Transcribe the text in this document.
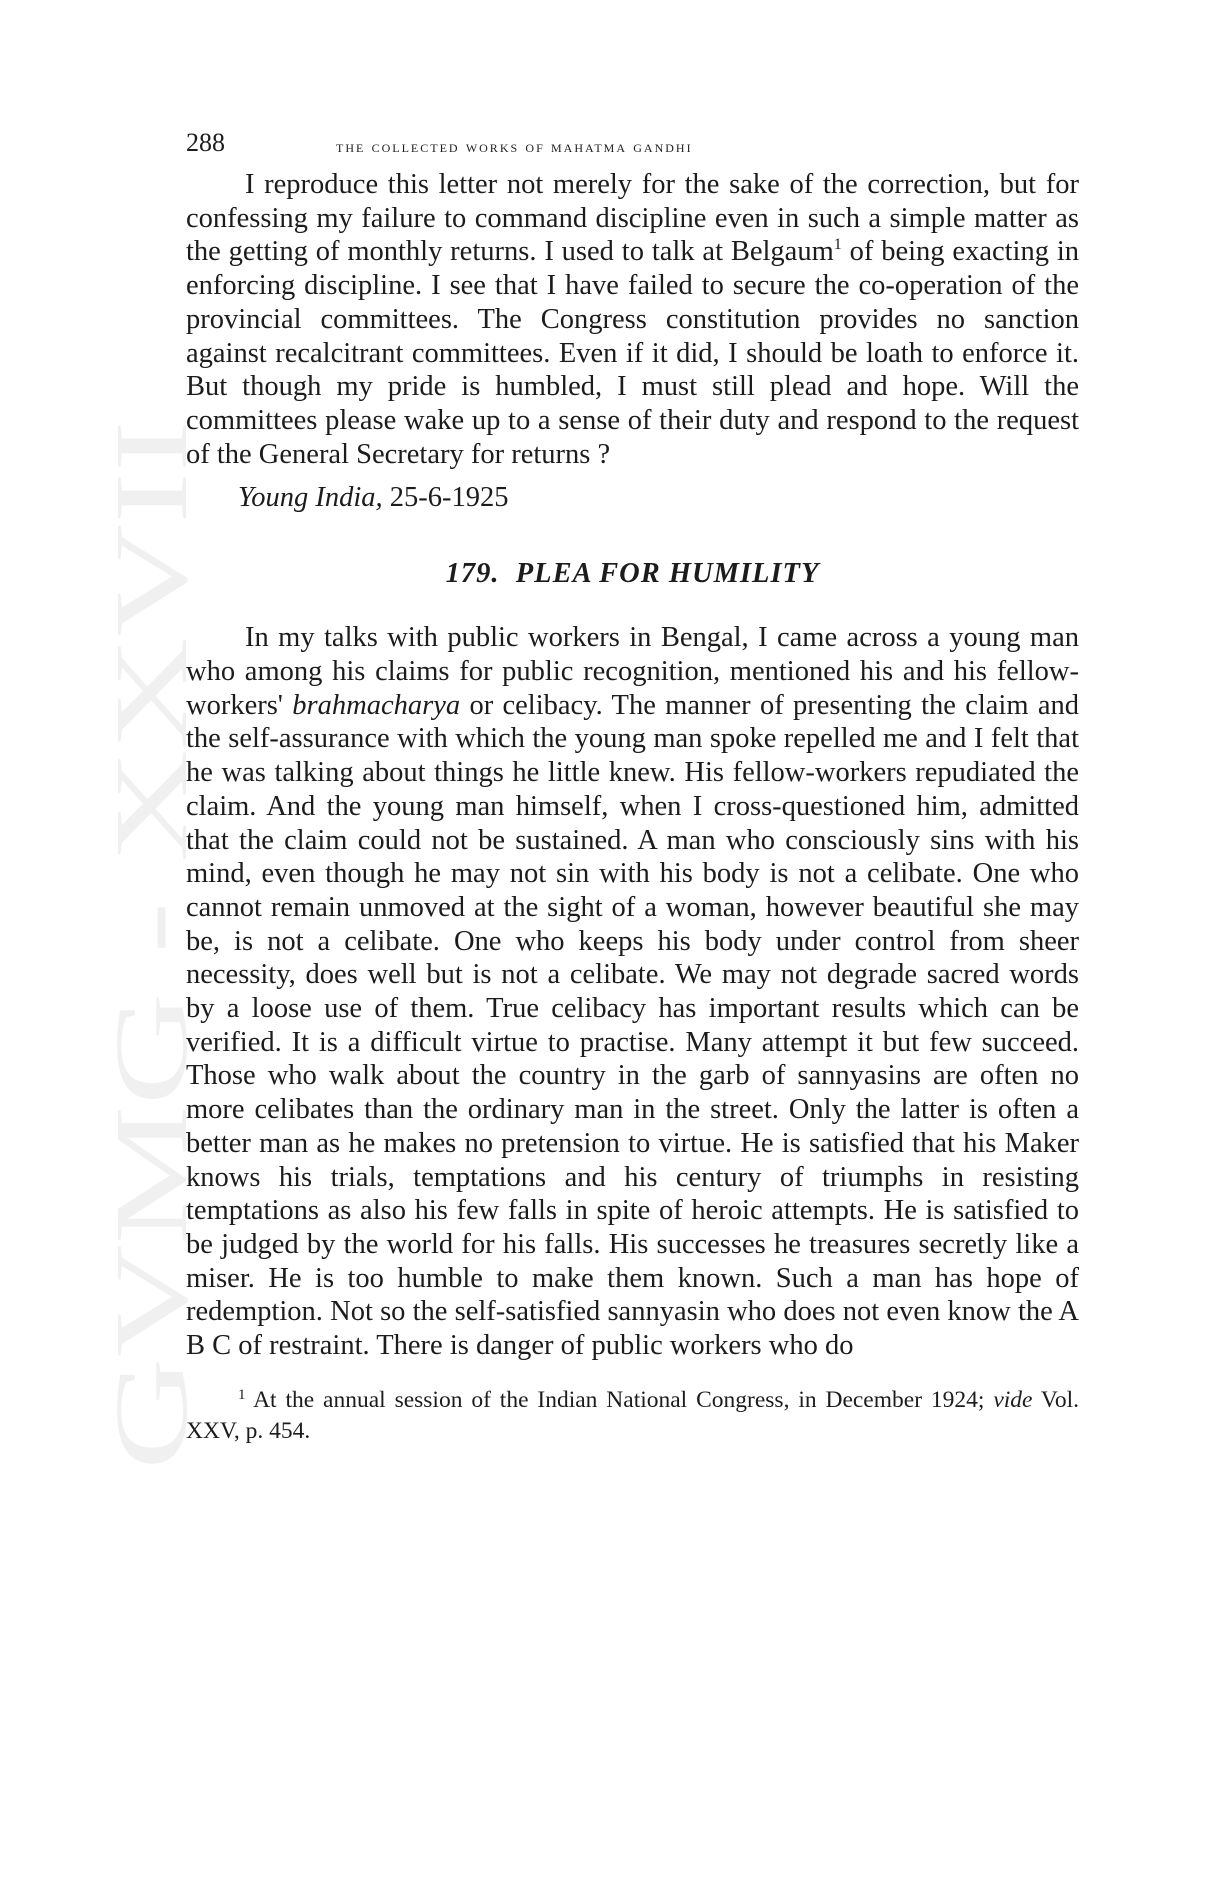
GVMG - XXVII
288	the collected works of mahatma gandhi

I reproduce this letter not merely for the sake of the correction, but for confessing my failure to command discipline even in such a simple matter as the getting of monthly returns. I used to talk at Belgaum$^1$ of being exacting in enforcing discipline. I see that I have failed to secure the co-operation of the provincial committees. The Congress constitution provides no sanction against recalcitrant committees. Even if it did, I should be loath to enforce it. But though my pride is humbled, I must still plead and hope. Will the committees please wake up to a sense of their duty and respond to the request of the General Secretary for returns ?

Young India, 25-6-1925
179. PLEA FOR HUMILITY

In my talks with public workers in Bengal, I came across a young man who among his claims for public recognition, mentioned his and his fellow-workers' brahmacharya or celibacy. The manner of presenting the claim and the self-assurance with which the young man spoke repelled me and I felt that he was talking about things he little knew. His fellow-workers repudiated the claim. And the young man himself, when I cross-questioned him, admitted that the claim could not be sustained. A man who consciously sins with his mind, even though he may not sin with his body is not a celibate. One who cannot remain unmoved at the sight of a woman, however beautiful she may be, is not a celibate. One who keeps his body under control from sheer necessity, does well but is not a celibate. We may not degrade sacred words by a loose use of them. True celibacy has important results which can be verified. It is a difficult virtue to practise. Many attempt it but few succeed. Those who walk about the country in the garb of sannyasins are often no more celibates than the ordinary man in the street. Only the latter is often a better man as he makes no pretension to virtue. He is satisfied that his Maker knows his trials, temptations and his century of triumphs in resisting temptations as also his few falls in spite of heroic attempts. He is satisfied to be judged by the world for his falls. His successes he treasures secretly like a miser. He is too humble to make them known. Such a man has hope of redemption. Not so the self-satisfied sannyasin who does not even know the A B C of restraint. There is danger of public workers who do

$^1$ At the annual session of the Indian National Congress, in December 1924; vide Vol. XXV, p. 454.
